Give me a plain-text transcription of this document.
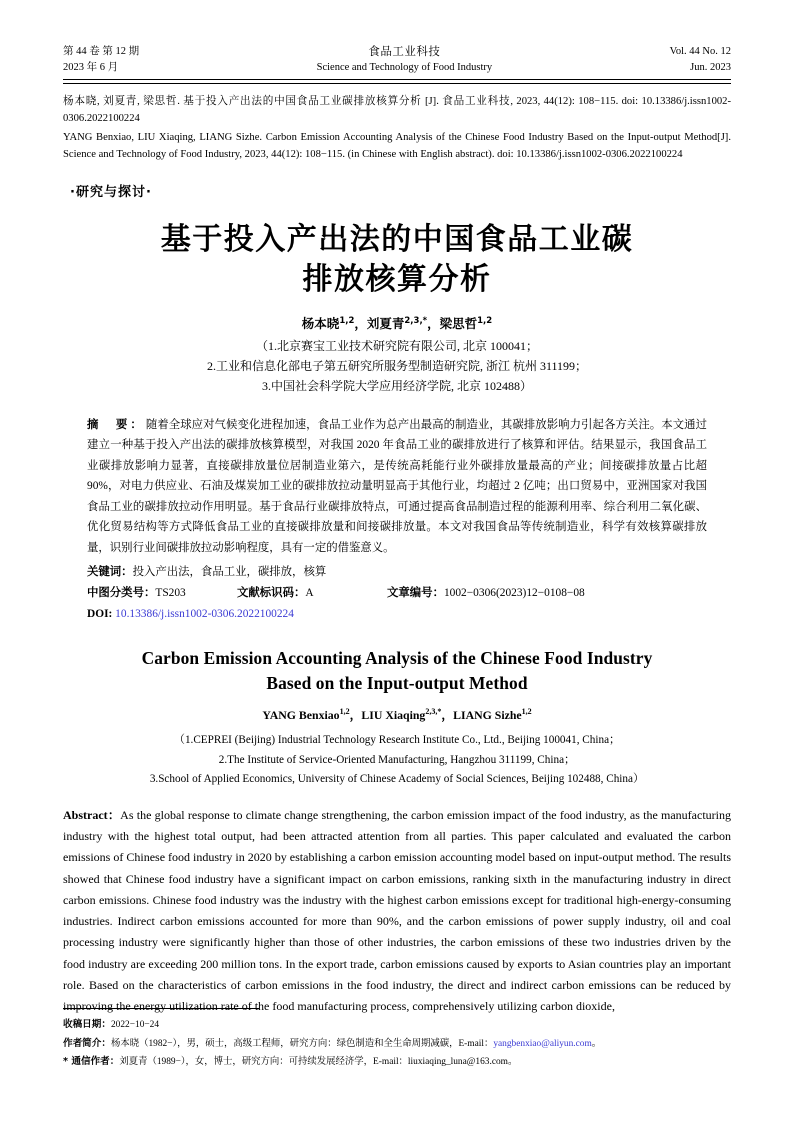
第 44 卷 第 12 期
2023 年 6 月
食品工业科技
Science and Technology of Food Industry
Vol. 44 No. 12
Jun. 2023

杨本晓, 刘夏青, 梁思哲. 基于投入产出法的中国食品工业碳排放核算分析 [J]. 食品工业科技, 2023, 44(12): 108−115. doi: 10.13386/j.issn1002-0306.2022100224

YANG Benxiao, LIU Xiaqing, LIANG Sizhe. Carbon Emission Accounting Analysis of the Chinese Food Industry Based on the Input-output Method[J]. Science and Technology of Food Industry, 2023, 44(12): 108−115. (in Chinese with English abstract). doi: 10.13386/j.issn1002-0306.2022100224

·研究与探讨·
基于投入产出法的中国食品工业碳
排放核算分析
杨本晓$^{1,2}$，刘夏青$^{2,3,*}$，梁思哲$^{1,2}$
（1.北京赛宝工业技术研究院有限公司, 北京 100041；
2.工业和信息化部电子第五研究所服务型制造研究院, 浙江 杭州 311199；
3.中国社会科学院大学应用经济学院, 北京 102488）
摘　要：随着全球应对气候变化进程加速，食品工业作为总产出最高的制造业，其碳排放影响力引起各方关注。本文通过建立一种基于投入产出法的碳排放核算模型，对我国 2020 年食品工业的碳排放进行了核算和评估。结果显示，我国食品工业碳排放影响力显著，直接碳排放量位居制造业第六，是传统高耗能行业外碳排放量最高的产业；间接碳排放量占比超 90%，对电力供应业、石油及煤炭加工业的碳排放拉动量明显高于其他行业，均超过 2 亿吨；出口贸易中，亚洲国家对我国食品工业的碳排放拉动作用明显。基于食品行业碳排放特点，可通过提高食品制造过程的能源利用率、综合利用二氧化碳、优化贸易结构等方式降低食品工业的直接碳排放量和间接碳排放量。本文对我国食品等传统制造业，科学有效核算碳排放量，识别行业间碳排放拉动影响程度，具有一定的借鉴意义。
关键词：投入产出法，食品工业，碳排放，核算
中图分类号：TS203	文献标识码：A	文章编号：1002−0306(2023)12−0108−08
DOI: 10.13386/j.issn1002-0306.2022100224
Carbon Emission Accounting Analysis of the Chinese Food Industry
Based on the Input-output Method
YANG Benxiao$^{1,2}$，LIU Xiaqing$^{2,3,*}$，LIANG Sizhe$^{1,2}$
（1.CEPREI (Beijing) Industrial Technology Research Institute Co., Ltd., Beijing 100041, China；
2.The Institute of Service-Oriented Manufacturing, Hangzhou 311199, China；
3.School of Applied Economics, University of Chinese Academy of Social Sciences, Beijing 102488, China）
Abstract：As the global response to climate change strengthening, the carbon emission impact of the food industry, as the manufacturing industry with the highest total output, had been attracted attention from all parties. This paper calculated and evaluated the carbon emissions of Chinese food industry in 2020 by establishing a carbon emission accounting model based on input-output method. The results showed that Chinese food industry have a significant impact on carbon emissions, ranking sixth in the manufacturing industry in direct carbon emissions. Chinese food industry was the industry with the highest carbon emissions except for traditional high-energy-consuming industries. Indirect carbon emissions accounted for more than 90%, and the carbon emissions of power supply industry, oil and coal processing industry were significantly higher than those of other industries, the carbon emissions of these two industries driven by the food industry are exceeding 200 million tons. In the export trade, carbon emissions caused by exports to Asian countries play an important role. Based on the characteristics of carbon emissions in the food industry, the direct and indirect carbon emissions can be reduced by improving the energy utilization rate of the food manufacturing process, comprehensively utilizing carbon dioxide,
收稿日期：2022−10−24
作者简介：杨本晓（1982−），男，硕士，高级工程师，研究方向：绿色制造和全生命周期减碳，E-mail：yangbenxiao@aliyun.com。
* 通信作者：刘夏青（1989−），女，博士，研究方向：可持续发展经济学，E-mail：liuxiaqing_luna@163.com。
